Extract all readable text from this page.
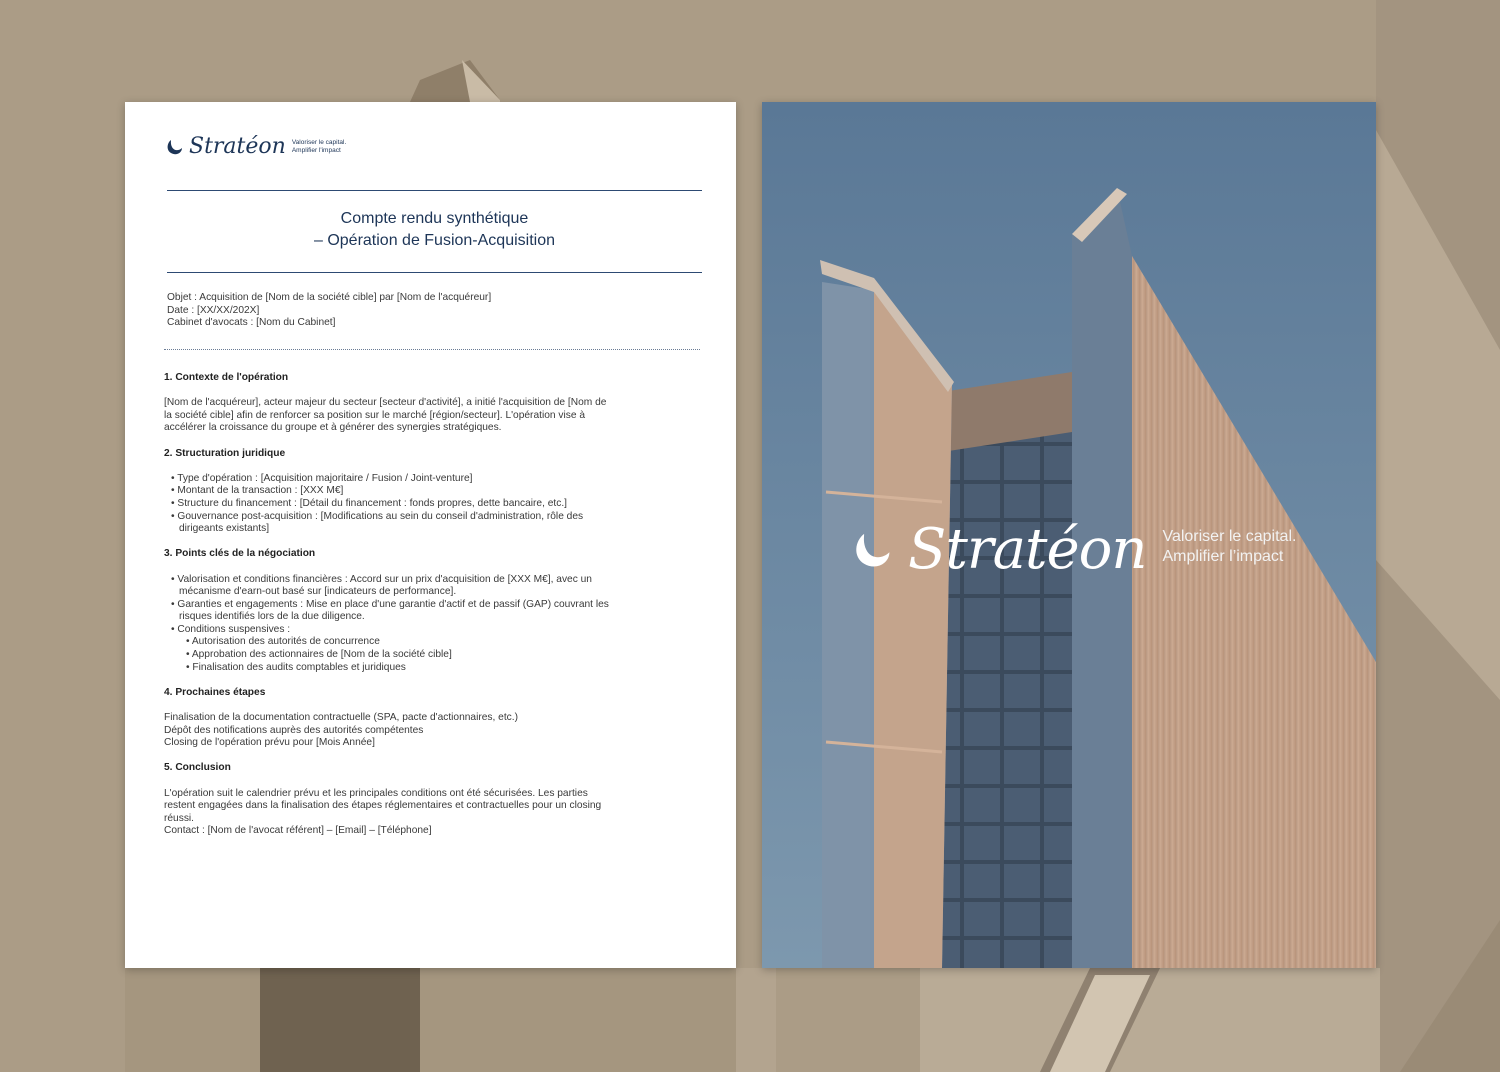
Stratéon Valoriser le capital.
Amplifier l'impact
Compte rendu synthétique
– Opération de Fusion-Acquisition
Objet : Acquisition de [Nom de la société cible] par [Nom de l'acquéreur]
Date : [XX/XX/202X]
Cabinet d'avocats : [Nom du Cabinet]

1. Contexte de l'opération

[Nom de l'acquéreur], acteur majeur du secteur [secteur d'activité], a initié l'acquisition de [Nom de

la société cible] afin de renforcer sa position sur le marché [région/secteur]. L'opération vise à

accélérer la croissance du groupe et à générer des synergies stratégiques.

2. Structuration juridique

• Type d'opération : [Acquisition majoritaire / Fusion / Joint-venture]

• Montant de la transaction : [XXX M€]

• Structure du financement : [Détail du financement : fonds propres, dette bancaire, etc.]

• Gouvernance post-acquisition : [Modifications au sein du conseil d'administration, rôle des

dirigeants existants]

3. Points clés de la négociation

• Valorisation et conditions financières : Accord sur un prix d'acquisition de [XXX M€], avec un

mécanisme d'earn-out basé sur [indicateurs de performance].

• Garanties et engagements : Mise en place d'une garantie d'actif et de passif (GAP) couvrant les

risques identifiés lors de la due diligence.

• Conditions suspensives :

• Autorisation des autorités de concurrence

• Approbation des actionnaires de [Nom de la société cible]

• Finalisation des audits comptables et juridiques

4. Prochaines étapes

Finalisation de la documentation contractuelle (SPA, pacte d'actionnaires, etc.)

Dépôt des notifications auprès des autorités compétentes

Closing de l'opération prévu pour [Mois Année]

5. Conclusion

L'opération suit le calendrier prévu et les principales conditions ont été sécurisées. Les parties

restent engagées dans la finalisation des étapes réglementaires et contractuelles pour un closing

réussi.

Contact : [Nom de l'avocat référent] – [Email] – [Téléphone]

Stratéon Valoriser le capital.
Amplifier l’impact
